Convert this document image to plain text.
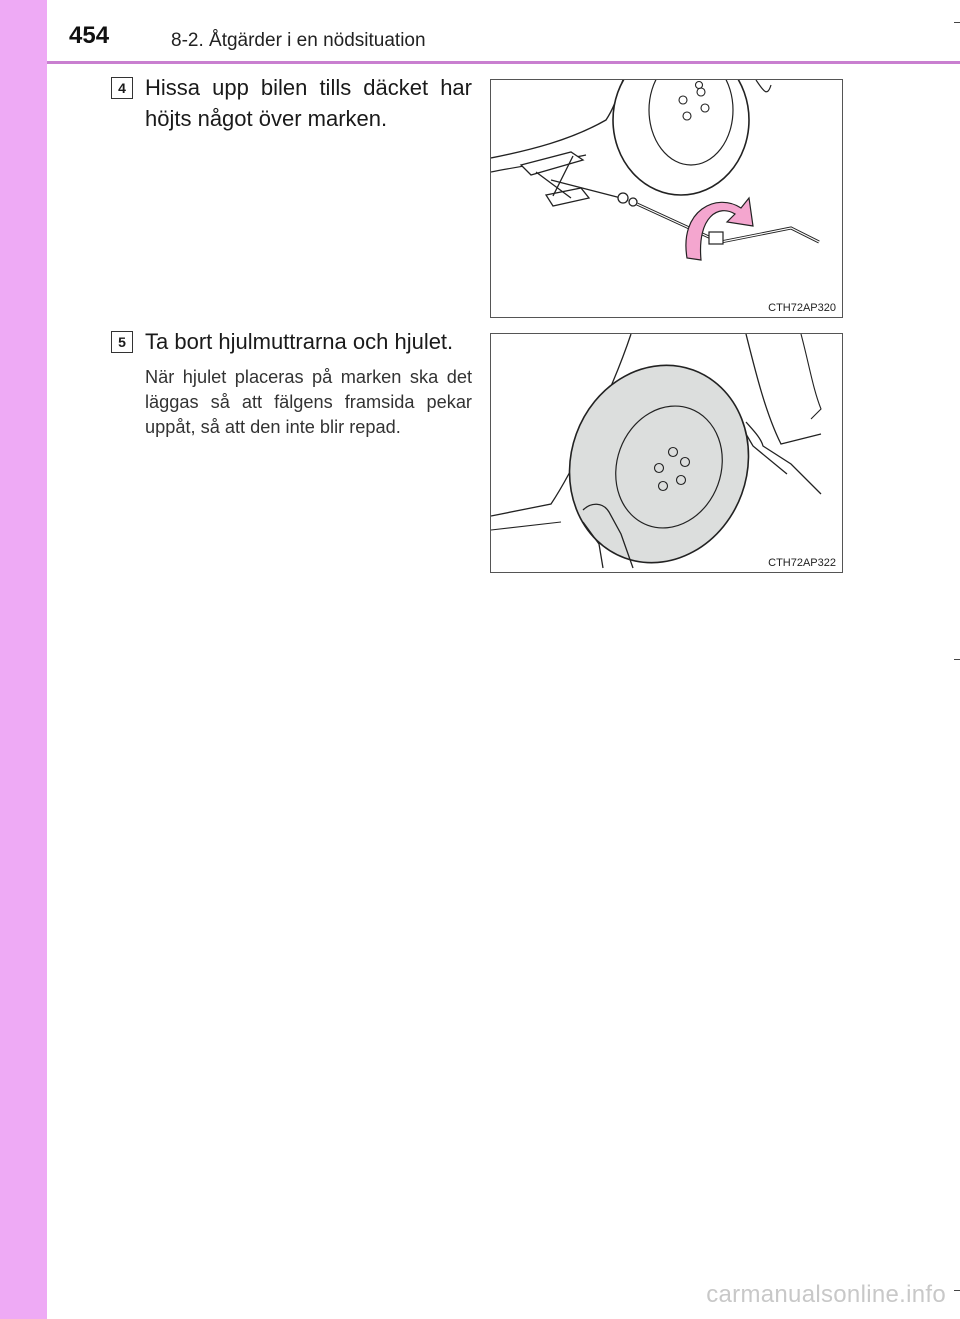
454	8-2. Åtgärder i en nödsituation
4 Hissa upp bilen tills däcket har höjts något över marken.
CTH72AP320
5 Ta bort hjulmuttrarna och hjulet.
När hjulet placeras på marken ska det läggas så att fälgens framsida pekar uppåt, så att den inte blir repad.
CTH72AP322
carmanualsonline.info
